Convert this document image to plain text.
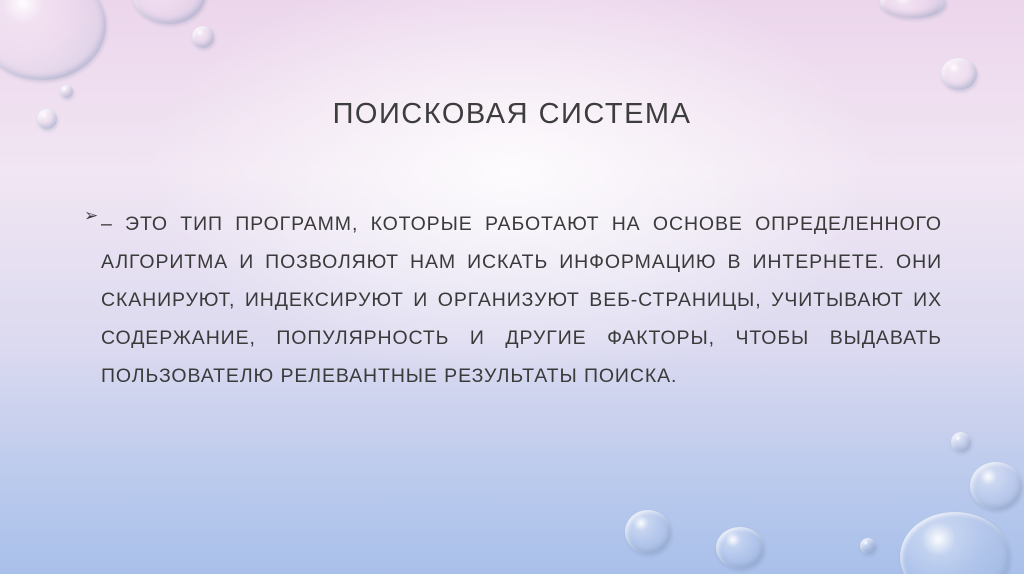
ПОИСКОВАЯ СИСТЕМА
➢ – ЭТО ТИП ПРОГРАММ, КОТОРЫЕ РАБОТАЮТ НА ОСНОВЕ ОПРЕДЕЛЕННОГО АЛГОРИТМА И ПОЗВОЛЯЮТ НАМ ИСКАТЬ ИНФОРМАЦИЮ В ИНТЕРНЕТЕ. ОНИ СКАНИРУЮТ, ИНДЕКСИРУЮТ И ОРГАНИЗУЮТ ВЕБ-СТРАНИЦЫ, УЧИТЫВАЮТ ИХ СОДЕРЖАНИЕ, ПОПУЛЯРНОСТЬ И ДРУГИЕ ФАКТОРЫ, ЧТОБЫ ВЫДАВАТЬ ПОЛЬЗОВАТЕЛЮ РЕЛЕВАНТНЫЕ РЕЗУЛЬТАТЫ ПОИСКА.
